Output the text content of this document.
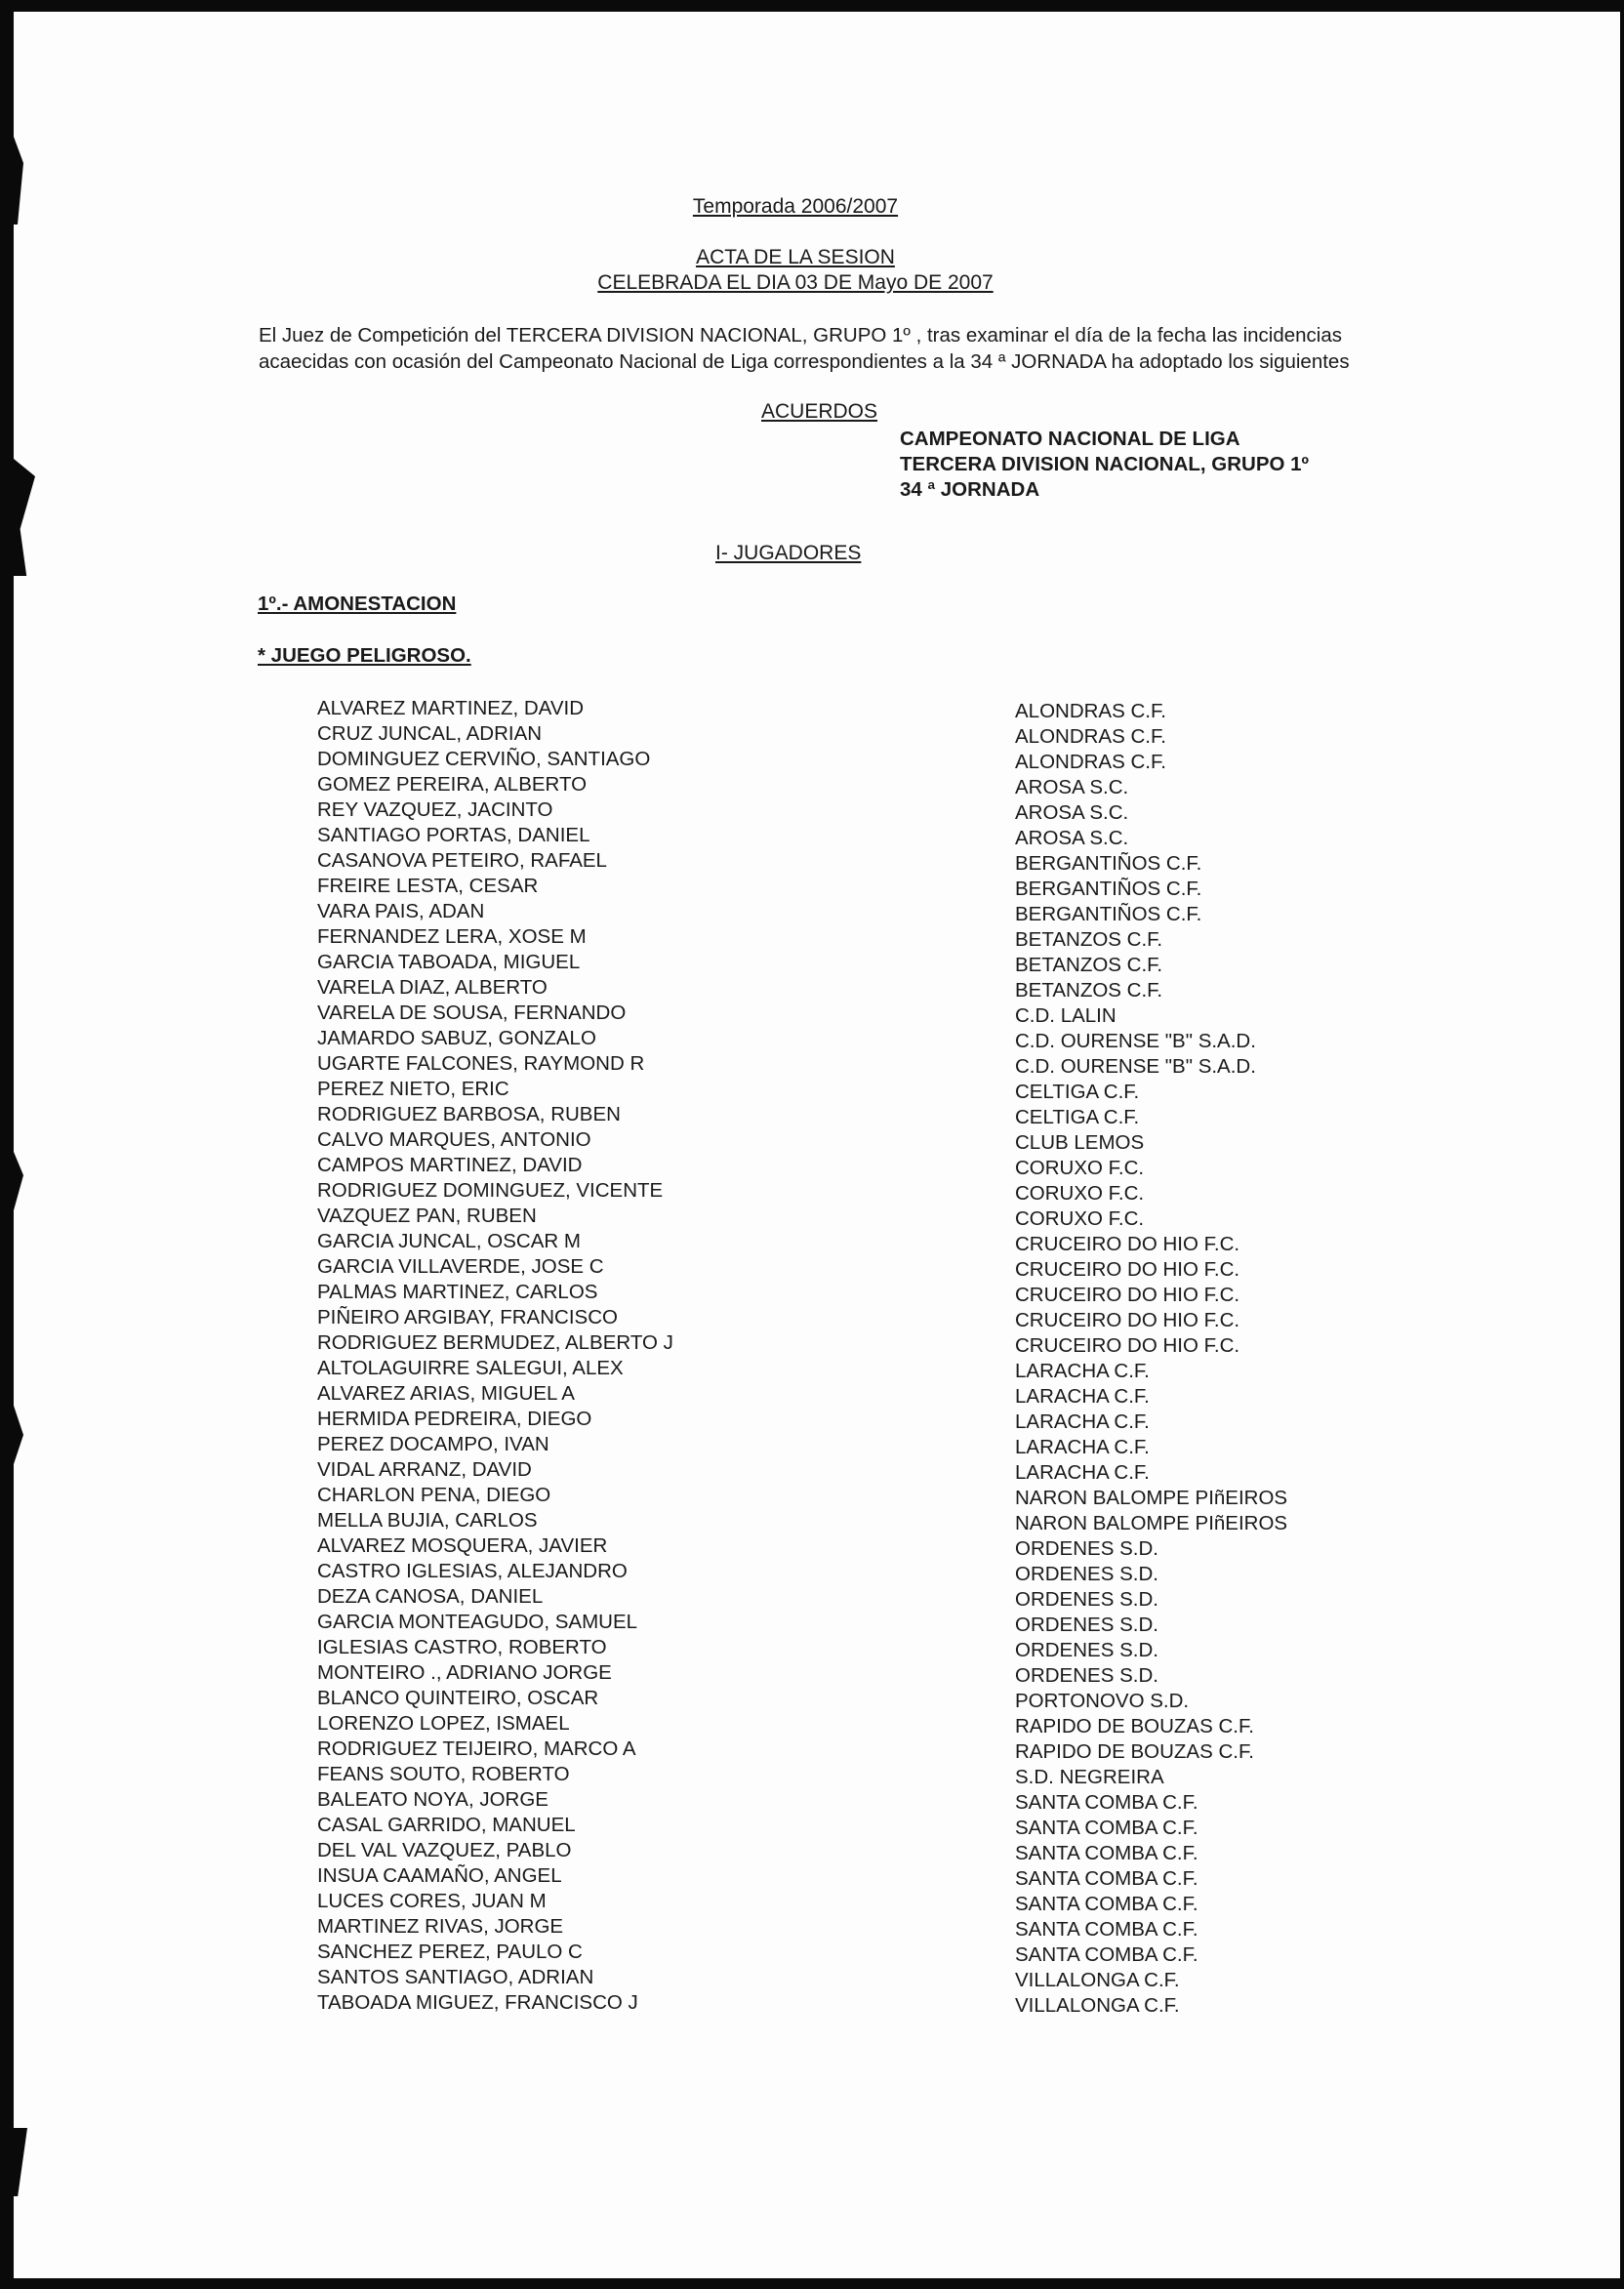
Temporada 2006/2007
ACTA DE LA SESION
CELEBRADA EL DIA 03 DE Mayo DE 2007
El Juez de Competición del TERCERA DIVISION NACIONAL, GRUPO 1º , tras examinar el día de la fecha las incidencias
acaecidas con ocasión del Campeonato Nacional de Liga correspondientes a la 34 ª JORNADA ha adoptado los siguientes
ACUERDOS
CAMPEONATO NACIONAL DE LIGA
TERCERA DIVISION NACIONAL, GRUPO 1º
34 ª JORNADA
I- JUGADORES
1º.- AMONESTACION
* JUEGO PELIGROSO.
ALVAREZ MARTINEZ, DAVID	ALONDRAS C.F.
CRUZ JUNCAL, ADRIAN	ALONDRAS C.F.
DOMINGUEZ CERVIÑO, SANTIAGO	ALONDRAS C.F.
GOMEZ PEREIRA, ALBERTO	AROSA S.C.
REY VAZQUEZ, JACINTO	AROSA S.C.
SANTIAGO PORTAS, DANIEL	AROSA S.C.
CASANOVA PETEIRO, RAFAEL	BERGANTIÑOS C.F.
FREIRE LESTA, CESAR	BERGANTIÑOS C.F.
VARA PAIS, ADAN	BERGANTIÑOS C.F.
FERNANDEZ LERA, XOSE M	BETANZOS C.F.
GARCIA TABOADA, MIGUEL	BETANZOS C.F.
VARELA DIAZ, ALBERTO	BETANZOS C.F.
VARELA DE SOUSA, FERNANDO	C.D. LALIN
JAMARDO SABUZ, GONZALO	C.D. OURENSE "B" S.A.D.
UGARTE FALCONES, RAYMOND R	C.D. OURENSE "B" S.A.D.
PEREZ NIETO, ERIC	CELTIGA C.F.
RODRIGUEZ BARBOSA, RUBEN	CELTIGA C.F.
CALVO MARQUES, ANTONIO	CLUB LEMOS
CAMPOS MARTINEZ, DAVID	CORUXO F.C.
RODRIGUEZ DOMINGUEZ, VICENTE	CORUXO F.C.
VAZQUEZ PAN, RUBEN	CORUXO F.C.
GARCIA JUNCAL, OSCAR M	CRUCEIRO DO HIO F.C.
GARCIA VILLAVERDE, JOSE C	CRUCEIRO DO HIO F.C.
PALMAS MARTINEZ, CARLOS	CRUCEIRO DO HIO F.C.
PIÑEIRO ARGIBAY, FRANCISCO	CRUCEIRO DO HIO F.C.
RODRIGUEZ BERMUDEZ, ALBERTO J	CRUCEIRO DO HIO F.C.
ALTOLAGUIRRE SALEGUI, ALEX	LARACHA C.F.
ALVAREZ ARIAS, MIGUEL A	LARACHA C.F.
HERMIDA PEDREIRA, DIEGO	LARACHA C.F.
PEREZ DOCAMPO, IVAN	LARACHA C.F.
VIDAL ARRANZ, DAVID	LARACHA C.F.
CHARLON PENA, DIEGO	NARON BALOMPE PIñEIROS
MELLA BUJIA, CARLOS	NARON BALOMPE PIñEIROS
ALVAREZ MOSQUERA, JAVIER	ORDENES S.D.
CASTRO IGLESIAS, ALEJANDRO	ORDENES S.D.
DEZA CANOSA, DANIEL	ORDENES S.D.
GARCIA MONTEAGUDO, SAMUEL	ORDENES S.D.
IGLESIAS CASTRO, ROBERTO	ORDENES S.D.
MONTEIRO ., ADRIANO JORGE	ORDENES S.D.
BLANCO QUINTEIRO, OSCAR	PORTONOVO S.D.
LORENZO LOPEZ, ISMAEL	RAPIDO DE BOUZAS C.F.
RODRIGUEZ TEIJEIRO, MARCO A	RAPIDO DE BOUZAS C.F.
FEANS SOUTO, ROBERTO	S.D. NEGREIRA
BALEATO NOYA, JORGE	SANTA COMBA C.F.
CASAL GARRIDO, MANUEL	SANTA COMBA C.F.
DEL VAL VAZQUEZ, PABLO	SANTA COMBA C.F.
INSUA CAAMAÑO, ANGEL	SANTA COMBA C.F.
LUCES CORES, JUAN M	SANTA COMBA C.F.
MARTINEZ RIVAS, JORGE	SANTA COMBA C.F.
SANCHEZ PEREZ, PAULO C	SANTA COMBA C.F.
SANTOS SANTIAGO, ADRIAN	VILLALONGA C.F.
TABOADA MIGUEZ, FRANCISCO J	VILLALONGA C.F.
